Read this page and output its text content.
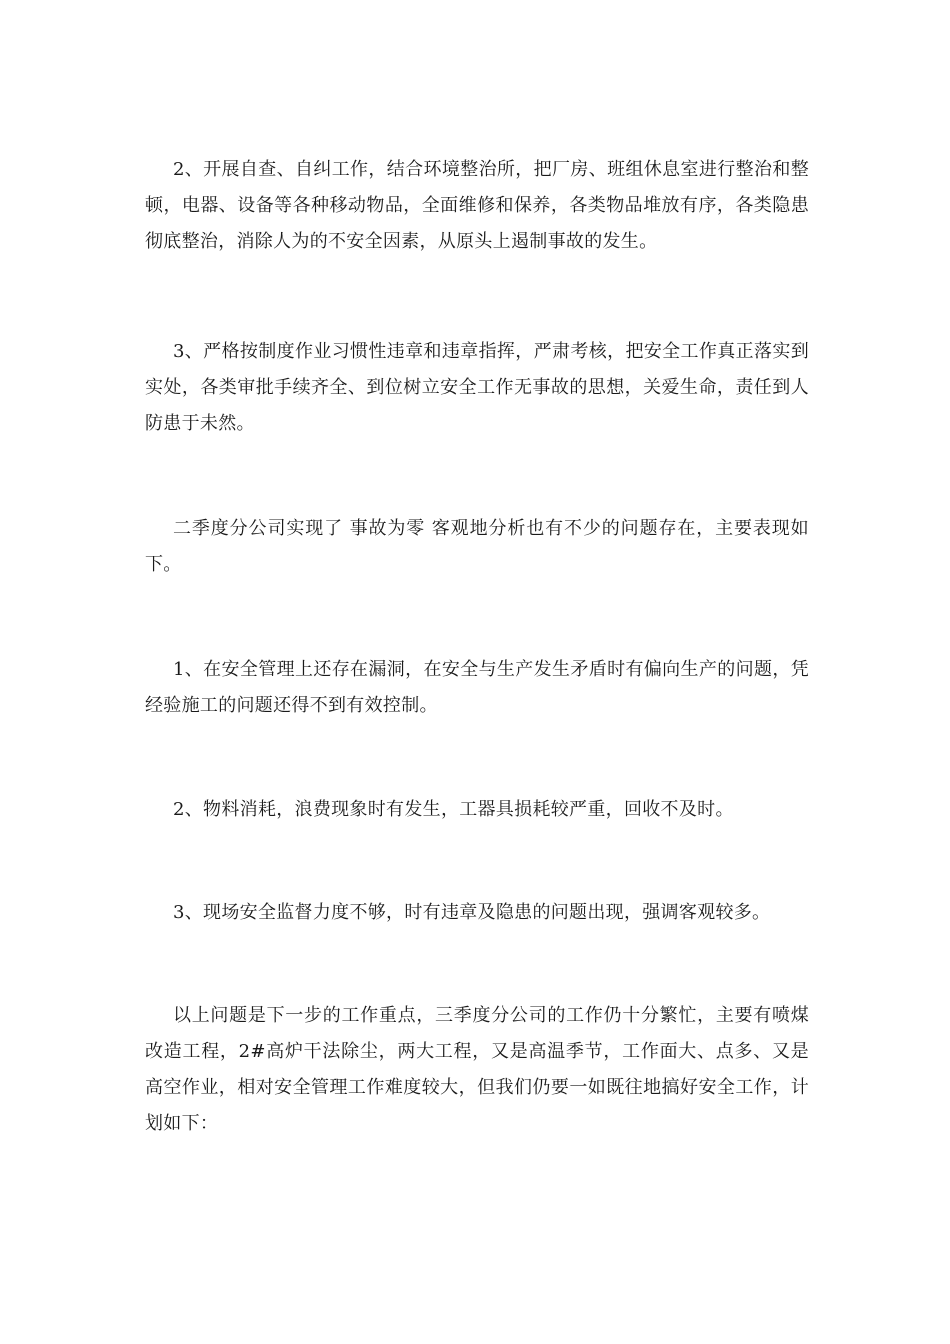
2、开展自查、自纠工作，结合环境整治所，把厂房、班组休息室进行整治和整顿，电器、设备等各种移动物品，全面维修和保养，各类物品堆放有序，各类隐患彻底整治，消除人为的不安全因素，从原头上遏制事故的发生。

3、严格按制度作业习惯性违章和违章指挥，严肃考核，把安全工作真正落实到实处，各类审批手续齐全、到位树立安全工作无事故的思想，关爱生命，责任到人防患于未然。

二季度分公司实现了 事故为零 客观地分析也有不少的问题存在，主要表现如下。

1、在安全管理上还存在漏洞，在安全与生产发生矛盾时有偏向生产的问题，凭经验施工的问题还得不到有效控制。

2、物料消耗，浪费现象时有发生，工器具损耗较严重，回收不及时。

3、现场安全监督力度不够，时有违章及隐患的问题出现，强调客观较多。

以上问题是下一步的工作重点，三季度分公司的工作仍十分繁忙，主要有喷煤改造工程，2#高炉干法除尘，两大工程，又是高温季节，工作面大、点多、又是高空作业，相对安全管理工作难度较大，但我们仍要一如既往地搞好安全工作，计划如下：
